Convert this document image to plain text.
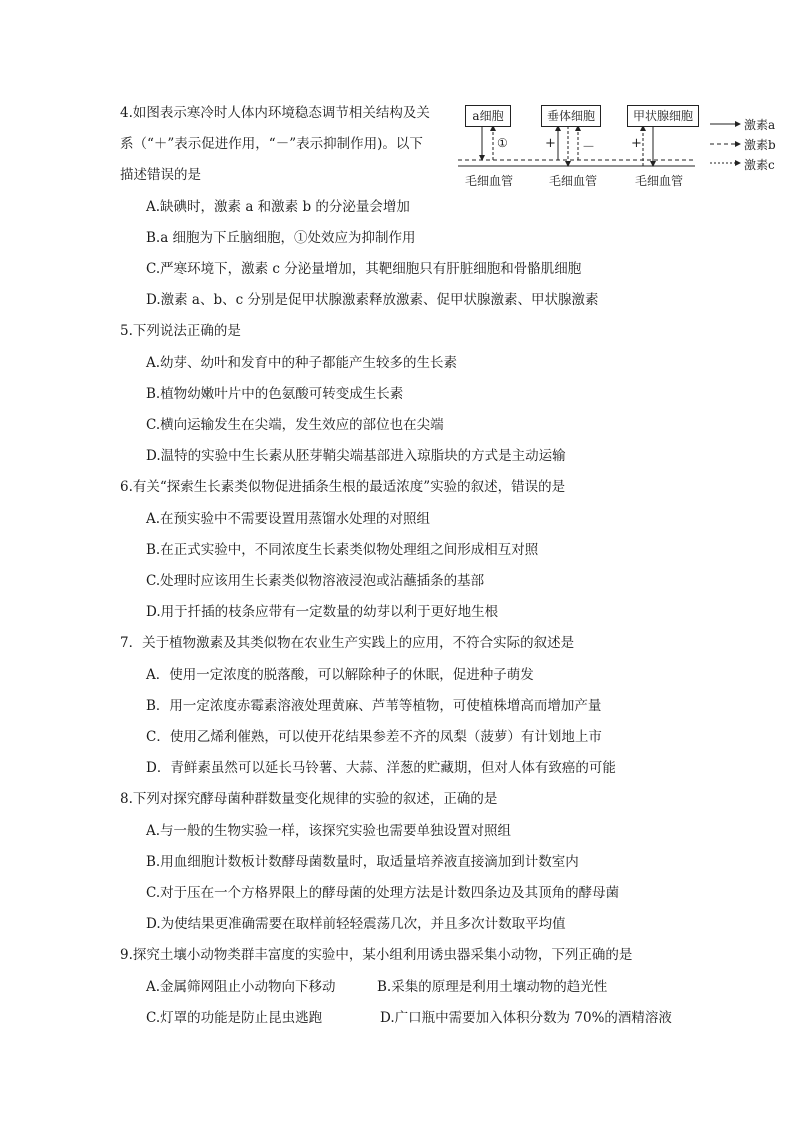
4.如图表示寒冷时人体内环境稳态调节相关结构及关
系（“＋”表示促进作用，“－”表示抑制作用)。以下
描述错误的是
A.缺碘时，激素 a 和激素 b 的分泌量会增加
B.a 细胞为下丘脑细胞，①处效应为抑制作用
C.严寒环境下，激素 c 分泌量增加，其靶细胞只有肝脏细胞和骨骼肌细胞
D.激素 a、b、c 分别是促甲状腺激素释放激素、促甲状腺激素、甲状腺激素
a细胞	垂体细胞	甲状腺细胞
①	+ －	+
毛细血管	毛细血管	毛细血管
激素a
激素b
激素c
5.下列说法正确的是
A.幼芽、幼叶和发育中的种子都能产生较多的生长素
B.植物幼嫩叶片中的色氨酸可转变成生长素
C.横向运输发生在尖端，发生效应的部位也在尖端
D.温特的实验中生长素从胚芽鞘尖端基部进入琼脂块的方式是主动运输
6.有关“探索生长素类似物促进插条生根的最适浓度”实验的叙述，错误的是
A.在预实验中不需要设置用蒸馏水处理的对照组
B.在正式实验中，不同浓度生长素类似物处理组之间形成相互对照
C.处理时应该用生长素类似物溶液浸泡或沾蘸插条的基部
D.用于扦插的枝条应带有一定数量的幼芽以利于更好地生根
7．关于植物激素及其类似物在农业生产实践上的应用，不符合实际的叙述是
A．使用一定浓度的脱落酸，可以解除种子的休眠，促进种子萌发
B．用一定浓度赤霉素溶液处理黄麻、芦苇等植物，可使植株增高而增加产量
C．使用乙烯利催熟，可以使开花结果参差不齐的凤梨（菠萝）有计划地上市
D．青鲜素虽然可以延长马铃薯、大蒜、洋葱的贮藏期，但对人体有致癌的可能
8.下列对探究酵母菌种群数量变化规律的实验的叙述，正确的是
A.与一般的生物实验一样，该探究实验也需要单独设置对照组
B.用血细胞计数板计数酵母菌数量时，取适量培养液直接滴加到计数室内
C.对于压在一个方格界限上的酵母菌的处理方法是计数四条边及其顶角的酵母菌
D.为使结果更准确需要在取样前轻轻震荡几次，并且多次计数取平均值
9.探究土壤小动物类群丰富度的实验中，某小组利用诱虫器采集小动物，下列正确的是
A.金属筛网阻止小动物向下移动	B.采集的原理是利用土壤动物的趋光性
C.灯罩的功能是防止昆虫逃跑	D.广口瓶中需要加入体积分数为 70%的酒精溶液
